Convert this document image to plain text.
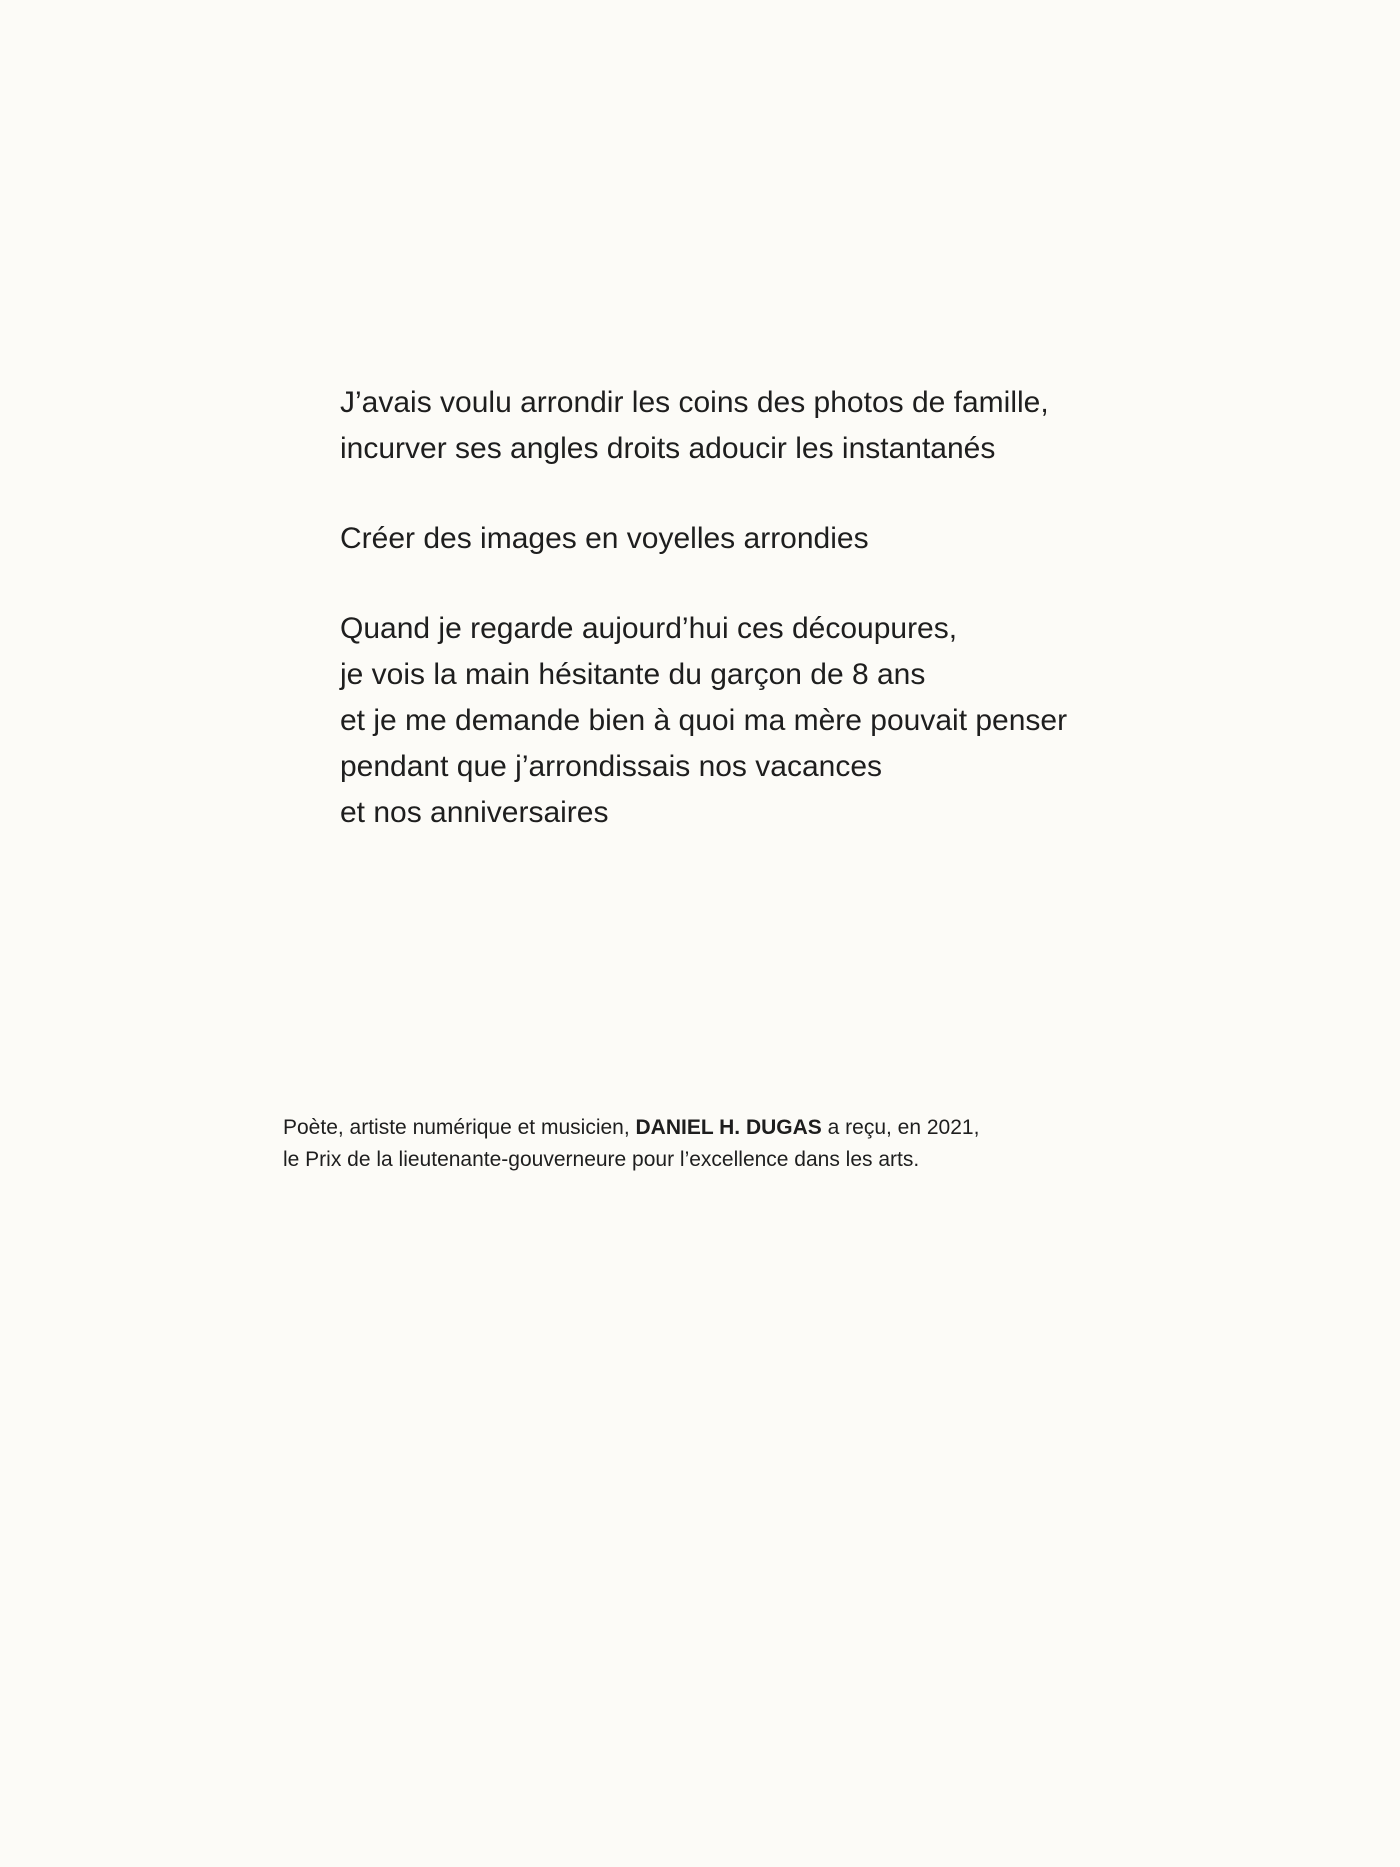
J’avais voulu arrondir les coins des photos de famille,
incurver ses angles droits adoucir les instantanés
Créer des images en voyelles arrondies
Quand je regarde aujourd’hui ces découpures,
je vois la main hésitante du garçon de 8 ans
et je me demande bien à quoi ma mère pouvait penser
pendant que j’arrondissais nos vacances
et nos anniversaires
Poète, artiste numérique et musicien, DANIEL H. DUGAS a reçu, en 2021,
le Prix de la lieutenante-gouverneure pour l’excellence dans les arts.
